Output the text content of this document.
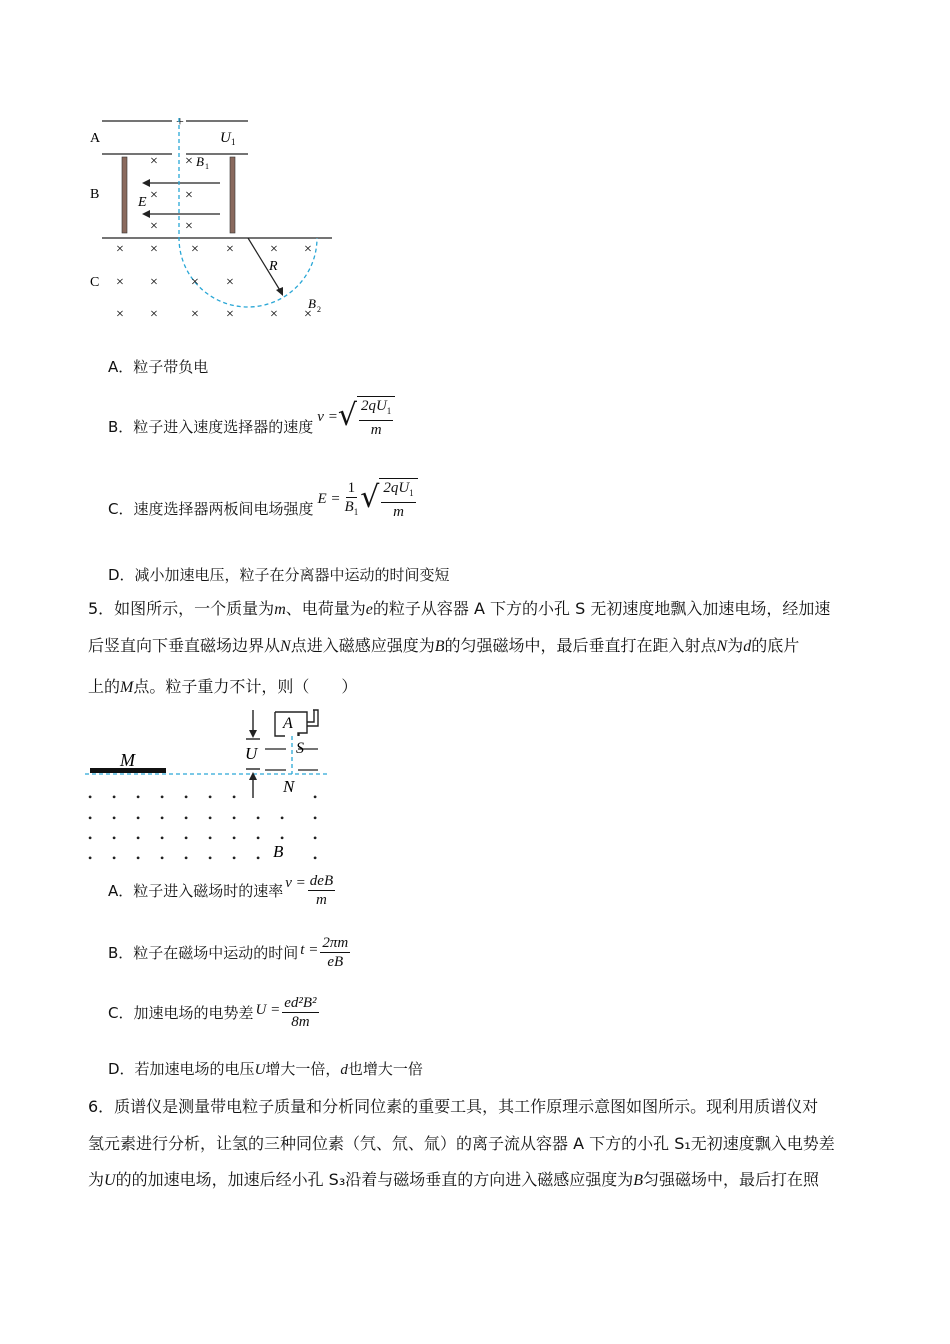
+
A	U 1
B
× × B 1
× ×
× ×
E
C
× × × ×	× ×
× × × ×
× × × ×	× ×
R
B 2
A．粒子带负电
B．粒子进入速度选择器的速度
v = √ $\frac{2qU_1}{m}$
C．速度选择器两板间电场强度
$E = \frac{1}{B_1}$ √ $\frac{2qU_1}{m}$
D．减小加速电压，粒子在分离器中运动的时间变短
5．如图所示，一个质量为m、电荷量为e的粒子从容器 A 下方的小孔 S 无初速度地飘入加速电场，经加速
后竖直向下垂直磁场边界从N点进入磁感应强度为B的匀强磁场中，最后垂直打在距入射点N为d的底片
上的M点。粒子重力不计，则（　　）
M
A
S
N
U
• • • • • • •	•
• • • • • • • • • •
• • • • • • • • • •
• • • • • • • •	•
B
A．粒子进入磁场时的速率 $v = \frac{\text{deB}}{m}$
B．粒子在磁场中运动的时间 $t = \frac{2\pi m}{eB}$
C．加速电场的电势差 $U = \frac{\text{ed²B²}}{8m}$
D．若加速电场的电压U增大一倍，d也增大一倍
6．质谱仪是测量带电粒子质量和分析同位素的重要工具，其工作原理示意图如图所示。现利用质谱仪对
氢元素进行分析，让氢的三种同位素（氕、氘、氚）的离子流从容器 A 下方的小孔 S₁无初速度飘入电势差
为U的的加速电场，加速后经小孔 S₃沿着与磁场垂直的方向进入磁感应强度为B匀强磁场中，最后打在照
